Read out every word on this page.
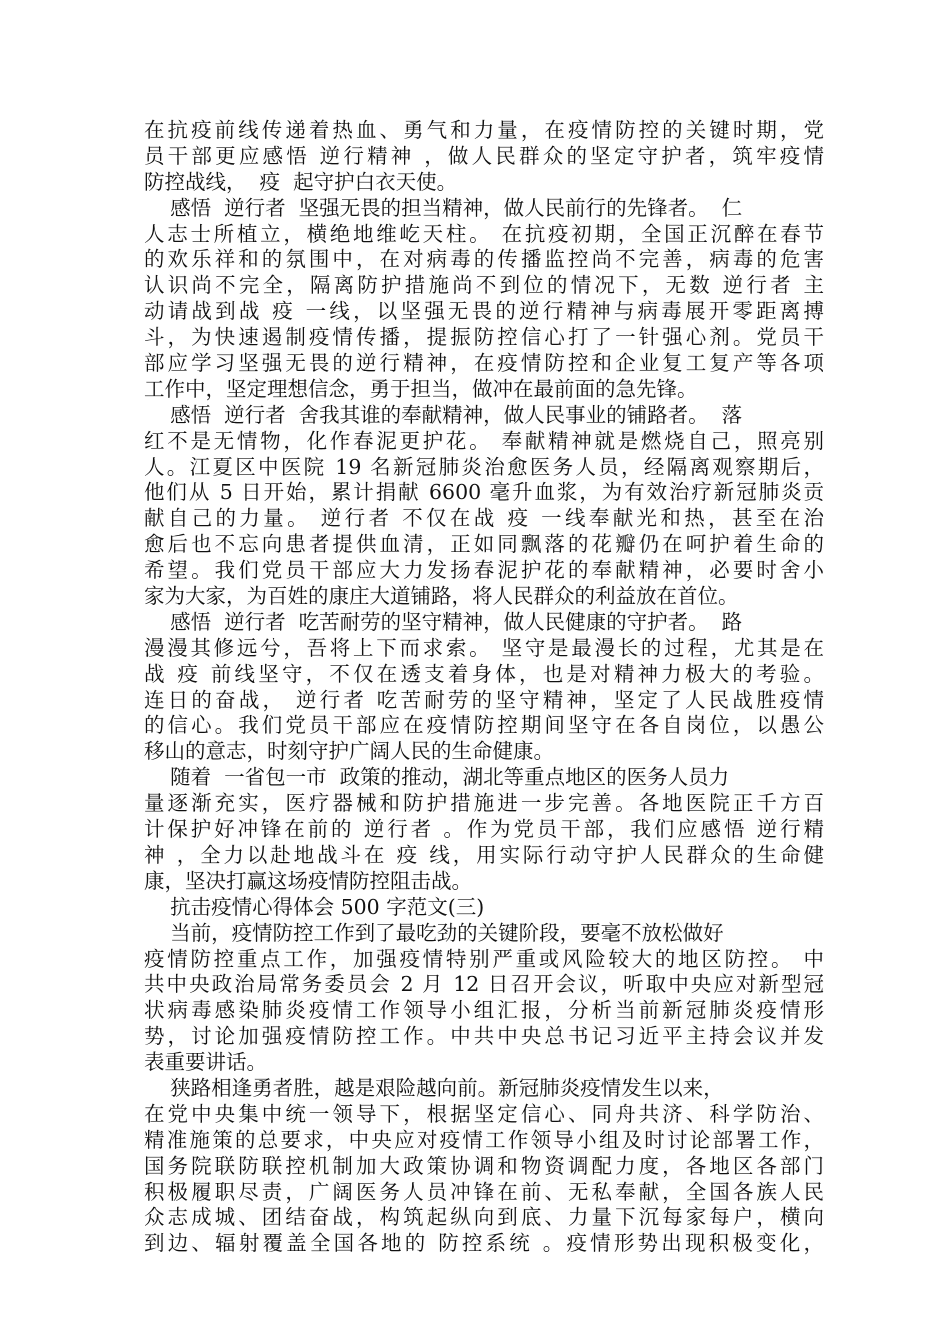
在抗疫前线传递着热血、勇气和力量，在疫情防控的关键时期，党
员干部更应感悟 逆行精神 ，做人民群众的坚定守护者，筑牢疫情
防控战线，  疫  起守护白衣天使。
感悟  逆行者  坚强无畏的担当精神，做人民前行的先锋者。  仁
人志士所植立，横绝地维屹天柱。 在抗疫初期，全国正沉醉在春节
的欢乐祥和的氛围中，在对病毒的传播监控尚不完善，病毒的危害
认识尚不完全，隔离防护措施尚不到位的情况下，无数 逆行者 主
动请战到战 疫 一线，以坚强无畏的逆行精神与病毒展开零距离搏
斗，为快速遏制疫情传播，提振防控信心打了一针强心剂。党员干
部应学习坚强无畏的逆行精神，在疫情防控和企业复工复产等各项
工作中，坚定理想信念，勇于担当，做冲在最前面的急先锋。
感悟  逆行者  舍我其谁的奉献精神，做人民事业的铺路者。  落
红不是无情物，化作春泥更护花。 奉献精神就是燃烧自己，照亮别
人。江夏区中医院 19 名新冠肺炎治愈医务人员，经隔离观察期后，
他们从 5 日开始，累计捐献 6600 毫升血浆，为有效治疗新冠肺炎贡
献自己的力量。 逆行者 不仅在战 疫 一线奉献光和热，甚至在治
愈后也不忘向患者提供血清，正如同飘落的花瓣仍在呵护着生命的
希望。我们党员干部应大力发扬春泥护花的奉献精神，必要时舍小
家为大家，为百姓的康庄大道铺路，将人民群众的利益放在首位。
感悟  逆行者  吃苦耐劳的坚守精神，做人民健康的守护者。  路
漫漫其修远兮，吾将上下而求索。 坚守是最漫长的过程，尤其是在
战 疫 前线坚守，不仅在透支着身体，也是对精神力极大的考验。
连日的奋战， 逆行者 吃苦耐劳的坚守精神，坚定了人民战胜疫情
的信心。我们党员干部应在疫情防控期间坚守在各自岗位，以愚公
移山的意志，时刻守护广阔人民的生命健康。
随着  一省包一市  政策的推动，湖北等重点地区的医务人员力
量逐渐充实，医疗器械和防护措施进一步完善。各地医院正千方百
计保护好冲锋在前的 逆行者 。作为党员干部，我们应感悟 逆行精
神 ，全力以赴地战斗在 疫 线，用实际行动守护人民群众的生命健
康，坚决打赢这场疫情防控阻击战。
抗击疫情心得体会 500 字范文(三)
当前，疫情防控工作到了最吃劲的关键阶段，要毫不放松做好
疫情防控重点工作，加强疫情特别严重或风险较大的地区防控。 中
共中央政治局常务委员会 2 月 12 日召开会议，听取中央应对新型冠
状病毒感染肺炎疫情工作领导小组汇报，分析当前新冠肺炎疫情形
势，讨论加强疫情防控工作。中共中央总书记习近平主持会议并发
表重要讲话。
狭路相逢勇者胜，越是艰险越向前。新冠肺炎疫情发生以来，
在党中央集中统一领导下，根据坚定信心、同舟共济、科学防治、
精准施策的总要求，中央应对疫情工作领导小组及时讨论部署工作，
国务院联防联控机制加大政策协调和物资调配力度，各地区各部门
积极履职尽责，广阔医务人员冲锋在前、无私奉献，全国各族人民
众志成城、团结奋战，构筑起纵向到底、力量下沉每家每户，横向
到边、辐射覆盖全国各地的 防控系统 。疫情形势出现积极变化，
